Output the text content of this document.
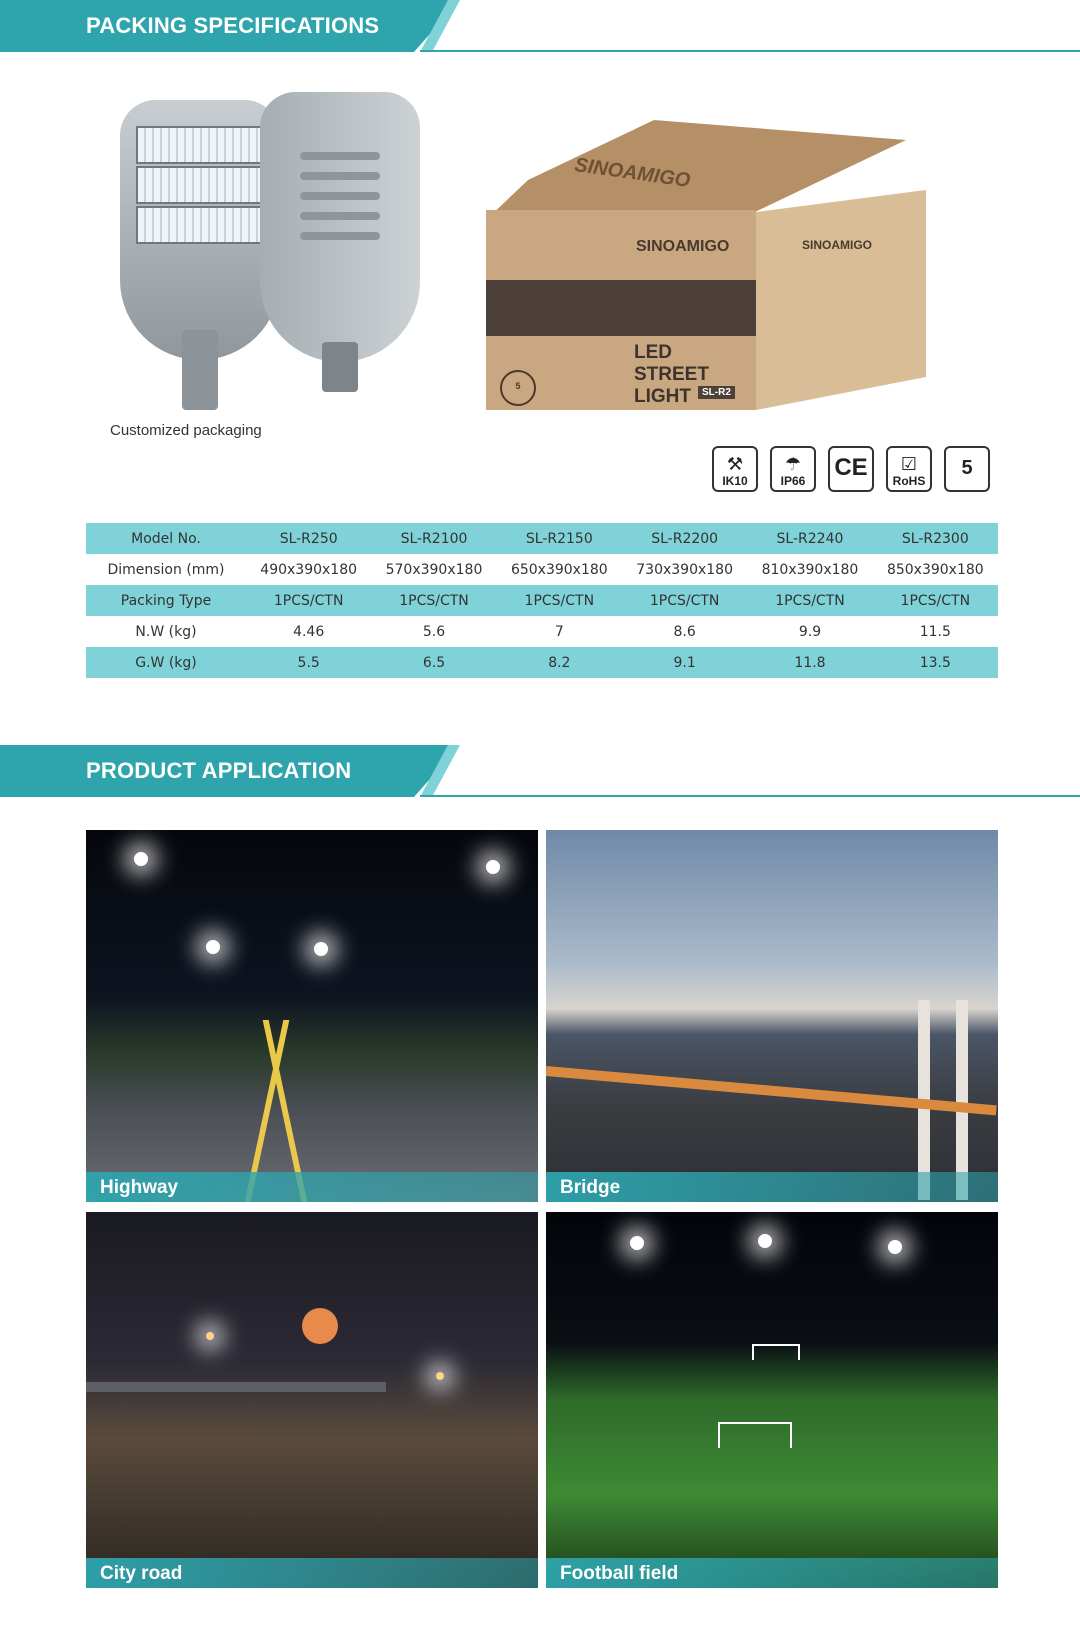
PACKING SPECIFICATIONS
Customized packaging
SINOAMIGO
SINOAMIGO	SINOAMIGO
LED
STREET
LIGHT	SL-R2
5
⚒
IK10
☂
IP66 CE ☑
RoHS
5
Model No.	SL-R250	SL-R2100	SL-R2150	SL-R2200	SL-R2240	SL-R2300
Dimension (mm)	490x390x180	570x390x180	650x390x180	730x390x180	810x390x180	850x390x180
Packing Type	1PCS/CTN	1PCS/CTN	1PCS/CTN	1PCS/CTN	1PCS/CTN	1PCS/CTN
N.W (kg)	4.46	5.6	7	8.6	9.9	11.5
G.W (kg)	5.5	6.5	8.2	9.1	11.8	13.5
PRODUCT APPLICATION
Highway	Bridge
City road	Football field
